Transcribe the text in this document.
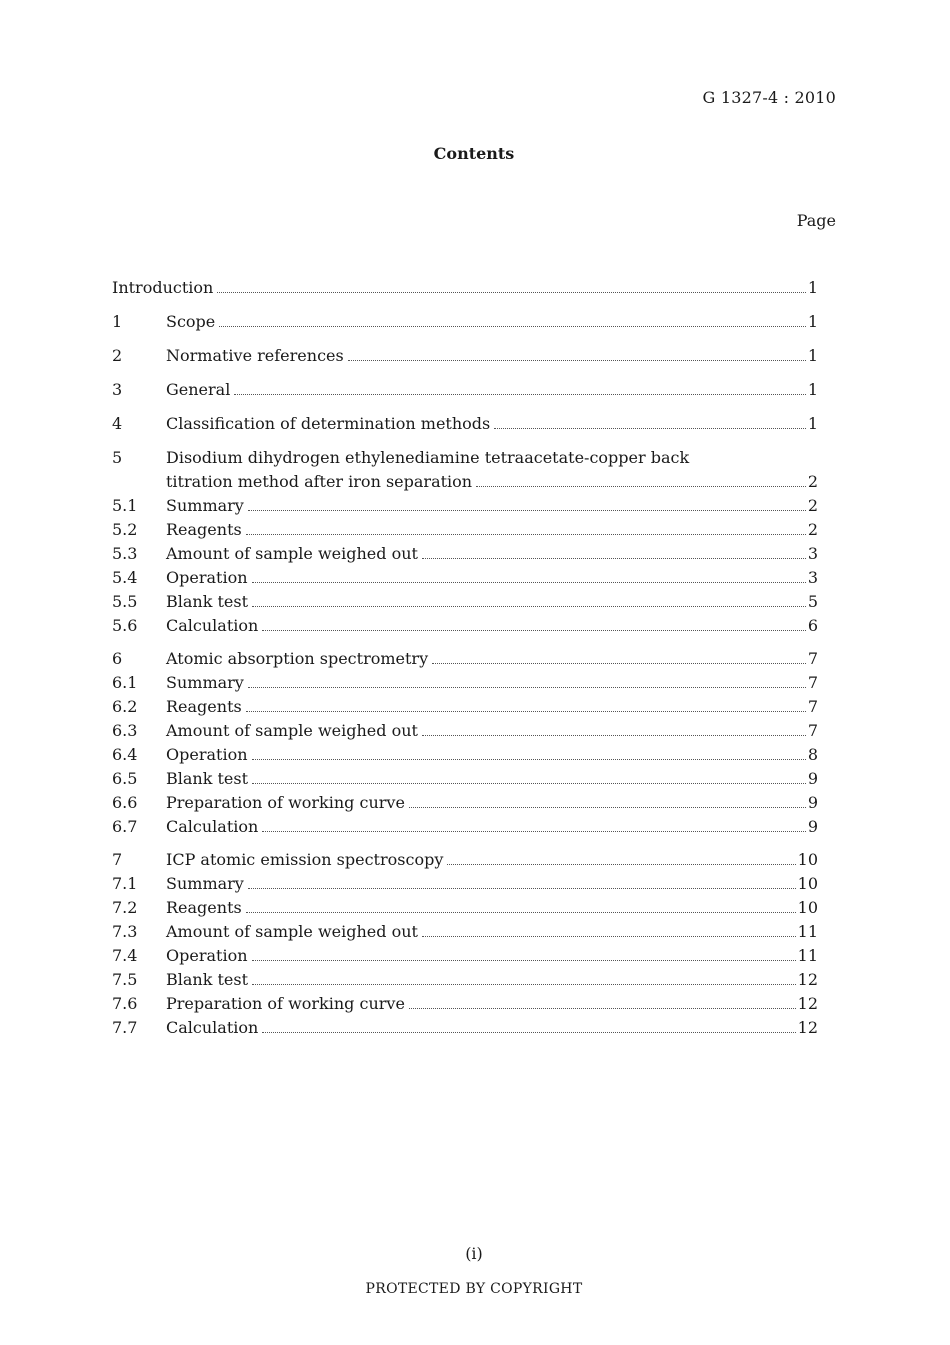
G 1327-4 : 2010
Contents
Page
Introduction	1
1	Scope	1
2	Normative references	1
3	General	1
4	Classification of determination methods	1
5	Disodium dihydrogen ethylenediamine tetraacetate-copper back
titration method after iron separation	2
5.1	Summary	2
5.2	Reagents	2
5.3	Amount of sample weighed out	3
5.4	Operation	3
5.5	Blank test	5
5.6	Calculation	6
6	Atomic absorption spectrometry	7
6.1	Summary	7
6.2	Reagents	7
6.3	Amount of sample weighed out	7
6.4	Operation	8
6.5	Blank test	9
6.6	Preparation of working curve	9
6.7	Calculation	9
7	ICP atomic emission spectroscopy	10
7.1	Summary	10
7.2	Reagents	10
7.3	Amount of sample weighed out	11
7.4	Operation	11
7.5	Blank test	12
7.6	Preparation of working curve	12
7.7	Calculation	12
(i)
PROTECTED BY COPYRIGHT
